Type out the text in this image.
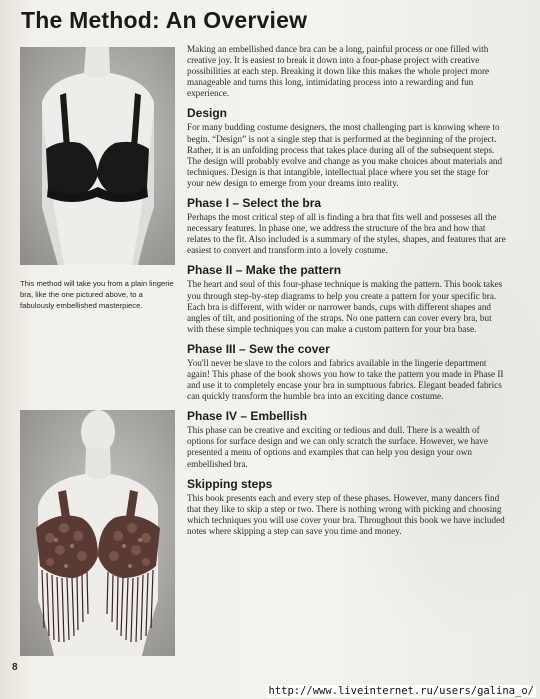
The Method: An Overview

This method will take you from a plain lingerie bra, like the one pictured above, to a fabulously embellished masterpiece.

Making an embellished dance bra can be a long, painful process or one filled with creative joy. It is easiest to break it down into a four-phase project with creative possibilities at each step. Breaking it down like this makes the whole project more manageable and turns this long, intimidating process into a rewarding and fun experience.

Design

For many budding costume designers, the most challenging part is knowing where to begin. “Design” is not a single step that is performed at the beginning of the project. Rather, it is an unfolding process that takes place during all of the subsequent steps. The design will probably evolve and change as you make choices about materials and techniques. Design is that intangible, intellectual place where you set the stage for your new design to emerge from your dreams into reality.

Phase I – Select the bra

Perhaps the most critical step of all is finding a bra that fits well and posseses all the necessary features. In phase one, we address the structure of the bra and how that relates to the fit. Also included is a summary of the styles, shapes, and features that are easiest to convert and transform into a lovely costume.

Phase II – Make the pattern

The heart and soul of this four-phase technique is making the pattern. This book takes you through step-by-step diagrams to help you create a pattern for your specific bra. Each bra is different, with wider or narrower bands, cups with different shapes and angles of tilt, and positioning of the straps. No one pattern can cover every bra, but with these simple techniques you can make a custom pattern for your bra base.

Phase III – Sew the cover

You'll never be slave to the colors and fabrics available in the lingerie department again! This phase of the book shows you how to take the pattern you made in Phase II and use it to completely encase your bra in sumptuous fabrics. Elegant beaded fabrics can quickly transform the humble bra into an exciting dance costume.

Phase IV – Embellish

This phase can be creative and exciting or tedious and dull. There is a wealth of options for surface design and we can only scratch the surface. However, we have presented a menu of options and examples that can help you design your own embellished bra.

Skipping steps

This book presents each and every step of these phases. However, many dancers find that they like to skip a step or two. There is nothing wrong with picking and choosing which techniques you will use cover your bra. Throughout this book we have included notes where skipping a step can save you time and money.

8
http://www.liveinternet.ru/users/galina_o/
